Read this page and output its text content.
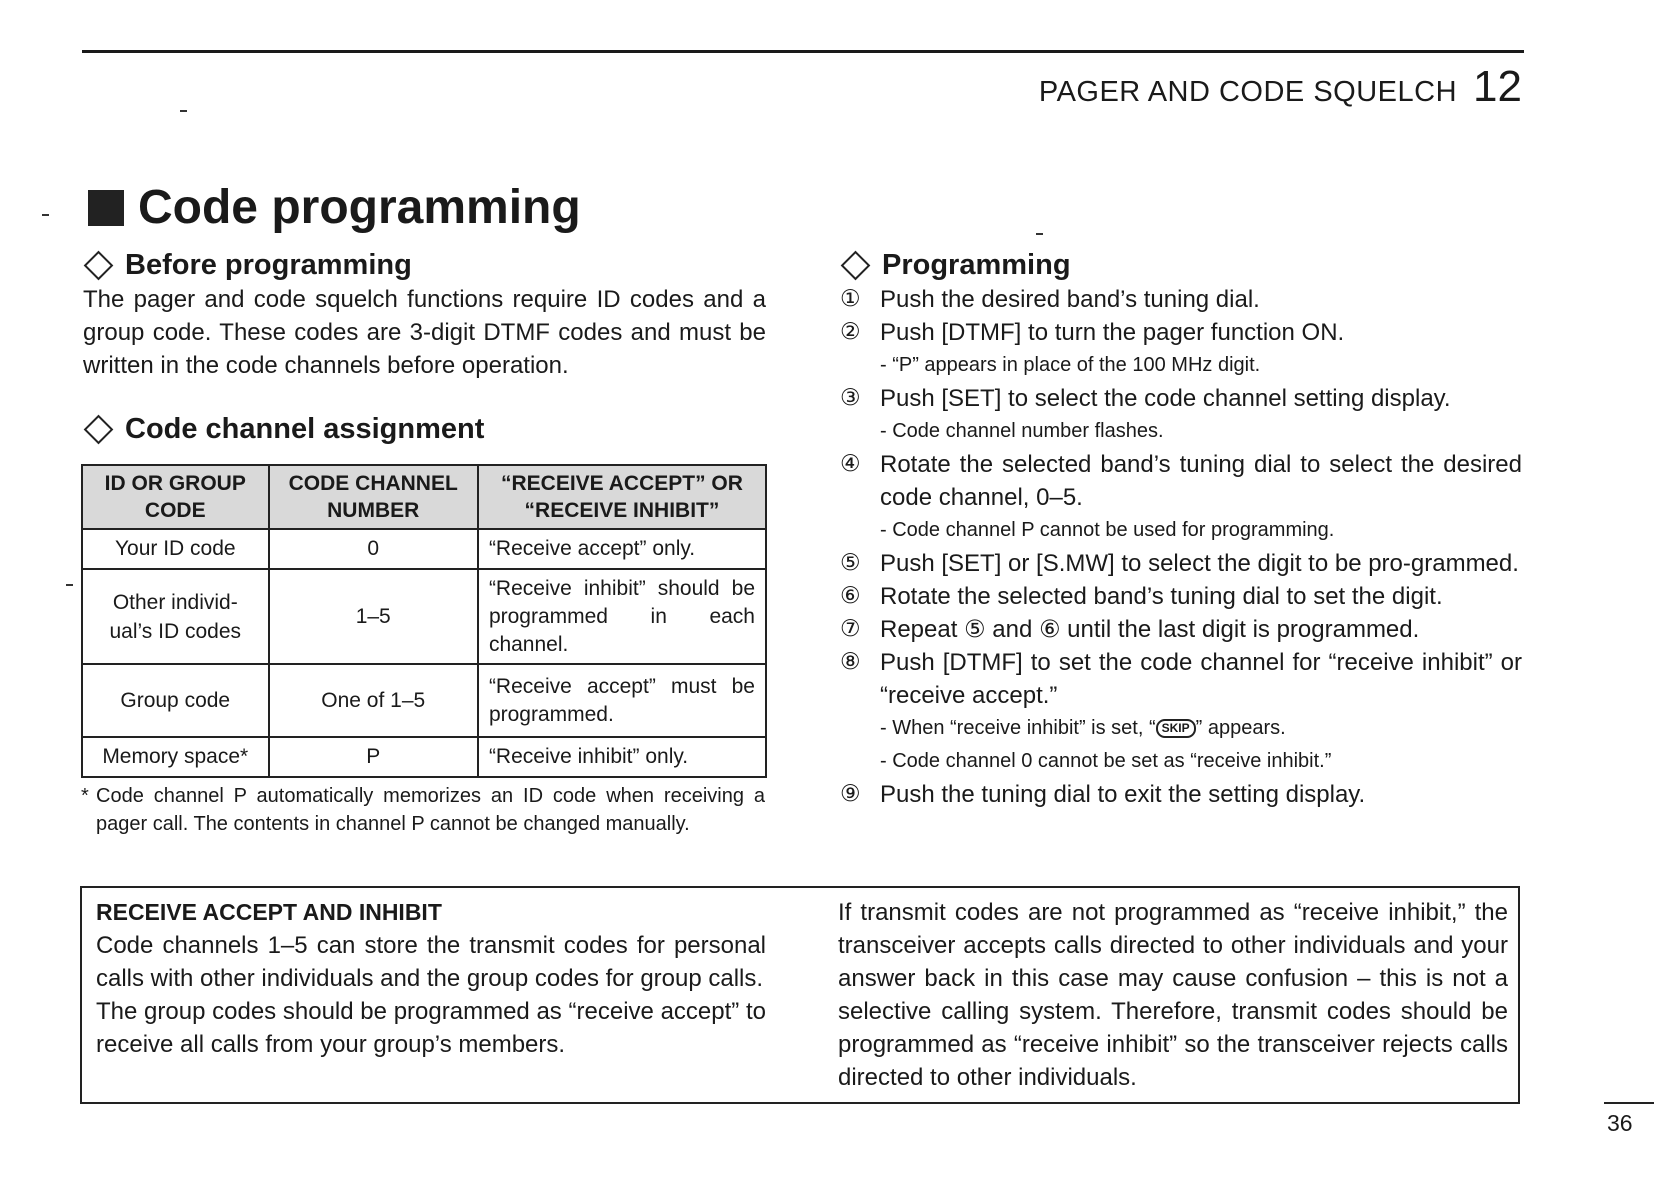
PAGER AND CODE SQUELCH 12
Code programming
Before programming

The pager and code squelch functions require ID codes and a group code. These codes are 3-digit DTMF codes and must be written in the code channels before operation.

Code channel assignment
ID OR GROUP CODE	CODE CHANNEL NUMBER	“RECEIVE ACCEPT” OR “RECEIVE INHIBIT”
Your ID code	0	“Receive accept” only.
Other individ-ual’s ID codes	1–5	“Receive inhibit” should be programmed in each channel.
Group code	One of 1–5	“Receive accept” must be programmed.
Memory space*	P	“Receive inhibit” only.
* Code channel P automatically memorizes an ID code when receiving a pager call. The contents in channel P cannot be changed manually.
Programming
① Push the desired band’s tuning dial.
② Push [DTMF] to turn the pager function ON.
- “P” appears in place of the 100 MHz digit.
③ Push [SET] to select the code channel setting display.
- Code channel number flashes.
④ Rotate the selected band’s tuning dial to select the desired code channel, 0–5.
- Code channel P cannot be used for programming.
⑤ Push [SET] or [S.MW] to select the digit to be pro-grammed.
⑥ Rotate the selected band’s tuning dial to set the digit.
⑦ Repeat ⑤ and ⑥ until the last digit is programmed.
⑧ Push [DTMF] to set the code channel for “receive inhibit” or “receive accept.”
- When “receive inhibit” is set, “ SKIP ” appears.
- Code channel 0 cannot be set as “receive inhibit.”
⑨ Push the tuning dial to exit the setting display.
RECEIVE ACCEPT AND INHIBIT

Code channels 1–5 can store the transmit codes for personal calls with other individuals and the group codes for group calls.

The group codes should be programmed as “receive accept” to receive all calls from your group’s members.

If transmit codes are not programmed as “receive inhibit,” the transceiver accepts calls directed to other individuals and your answer back in this case may cause confusion – this is not a selective calling system. Therefore, transmit codes should be programmed as “receive inhibit” so the transceiver rejects calls directed to other individuals.

36
